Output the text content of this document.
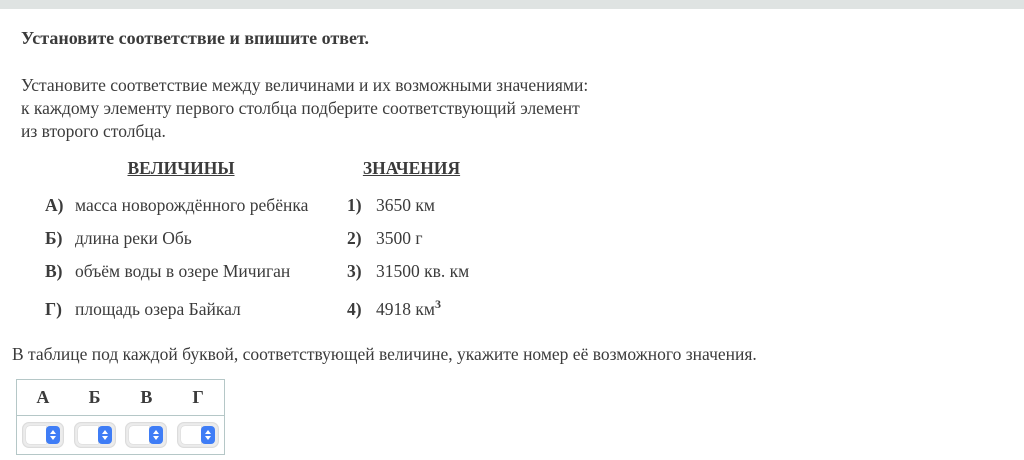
Установите соответствие и впишите ответ.
Установите соответствие между величинами и их возможными значениями:
к каждому элементу первого столбца подберите соответствующий элемент
из второго столбца.
ВЕЛИЧИНЫ	ЗНАЧЕНИЯ
А) масса новорождённого ребёнка	1) 3650 км
Б) длина реки Обь	2) 3500 г
В) объём воды в озере Мичиган	3) 31500 кв. км
Г) площадь озера Байкал	4) 4918 $км^3$
В таблице под каждой буквой, соответствующей величине, укажите номер её возможного значения.
А	Б	В	Г
